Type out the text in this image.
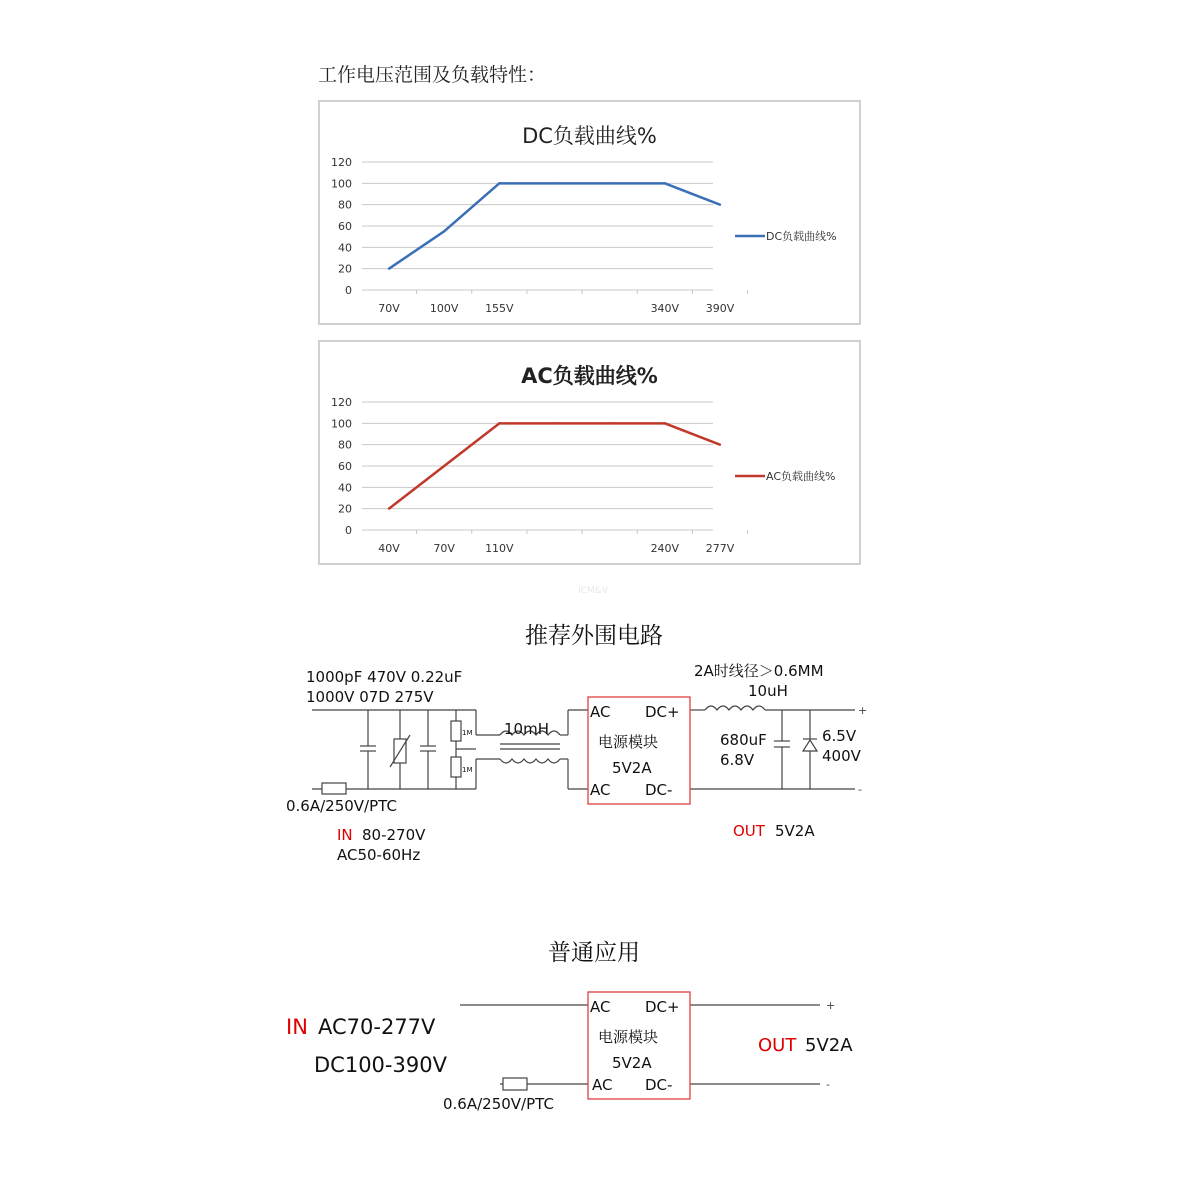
工作电压范围及负载特性：
DC负载曲线%
0
20
40
60
80
100
120
70V	100V 155V	340V 390V
DC负载曲线%
AC负载曲线%
0
20
40
60
80
100
120
40V	70V	110V	240V 277V
AC负载曲线%
ICM&V
推荐外围电路
AC DC+
电源模块
5V2A
AC DC-
1000pF 470V 0.22uF
1000V 07D 275V
1M
1M
10mH
0.6A/250V/PTC
IN 80-270V
AC50-60Hz
2A时线径＞0.6MM
10uH
680uF
6.8V
6.5V
400V
+
-
OUT 5V2A
普通应用
AC DC+
电源模块
5V2A
AC DC-
IN AC70-277V
DC100-390V
0.6A/250V/PTC
+
-
OUT 5V2A
